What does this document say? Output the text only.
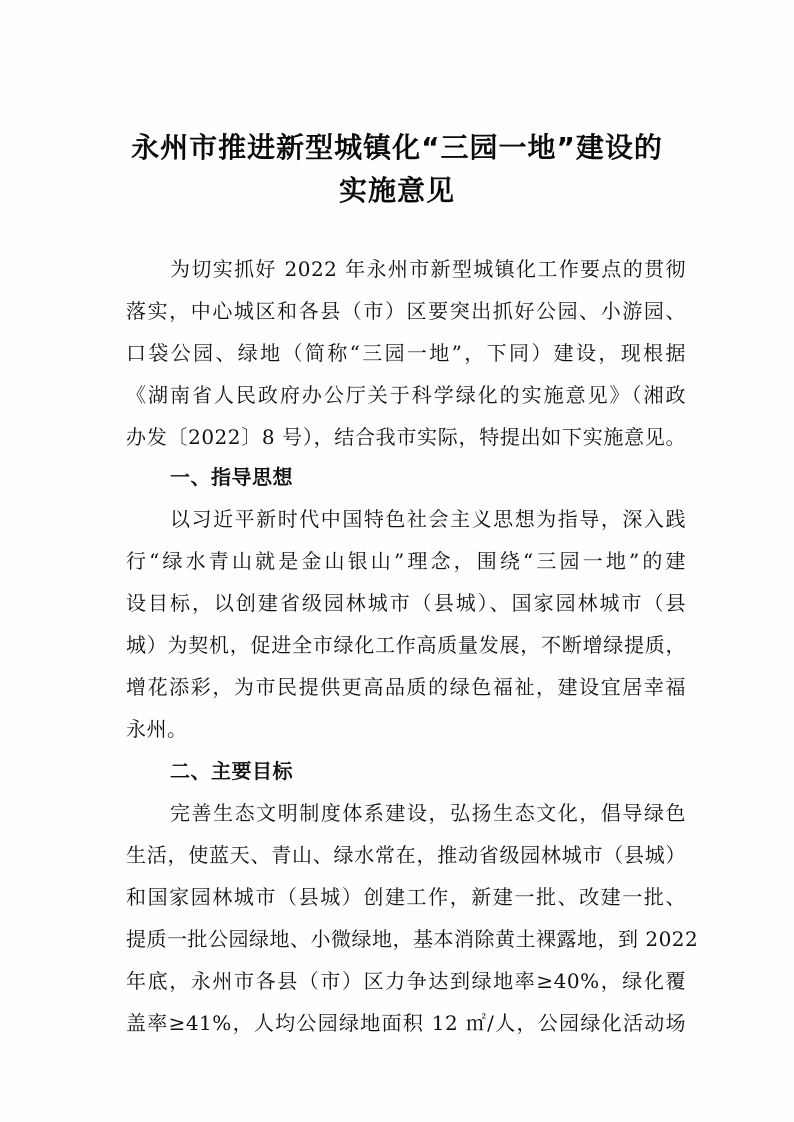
永州市推进新型城镇化“三园一地”建设的
实施意见

为切实抓好 2022 年永州市新型城镇化工作要点的贯彻

落实，中心城区和各县（市）区要突出抓好公园、小游园、

口袋公园、绿地（简称“三园一地”，下同）建设，现根据

《湖南省人民政府办公厅关于科学绿化的实施意见》（湘政

办发〔2022〕8 号），结合我市实际，特提出如下实施意见。

一、指导思想

以习近平新时代中国特色社会主义思想为指导，深入践

行“绿水青山就是金山银山”理念，围绕“三园一地”的建

设目标，以创建省级园林城市（县城）、国家园林城市（县

城）为契机，促进全市绿化工作高质量发展，不断增绿提质，

增花添彩，为市民提供更高品质的绿色福祉，建设宜居幸福

永州。

二、主要目标

完善生态文明制度体系建设，弘扬生态文化，倡导绿色

生活，使蓝天、青山、绿水常在，推动省级园林城市（县城）

和国家园林城市（县城）创建工作，新建一批、改建一批、

提质一批公园绿地、小微绿地，基本消除黄土裸露地，到 2022

年底，永州市各县（市）区力争达到绿地率≥40%，绿化覆

盖率≥41%，人均公园绿地面积 12 ㎡/人，公园绿化活动场
